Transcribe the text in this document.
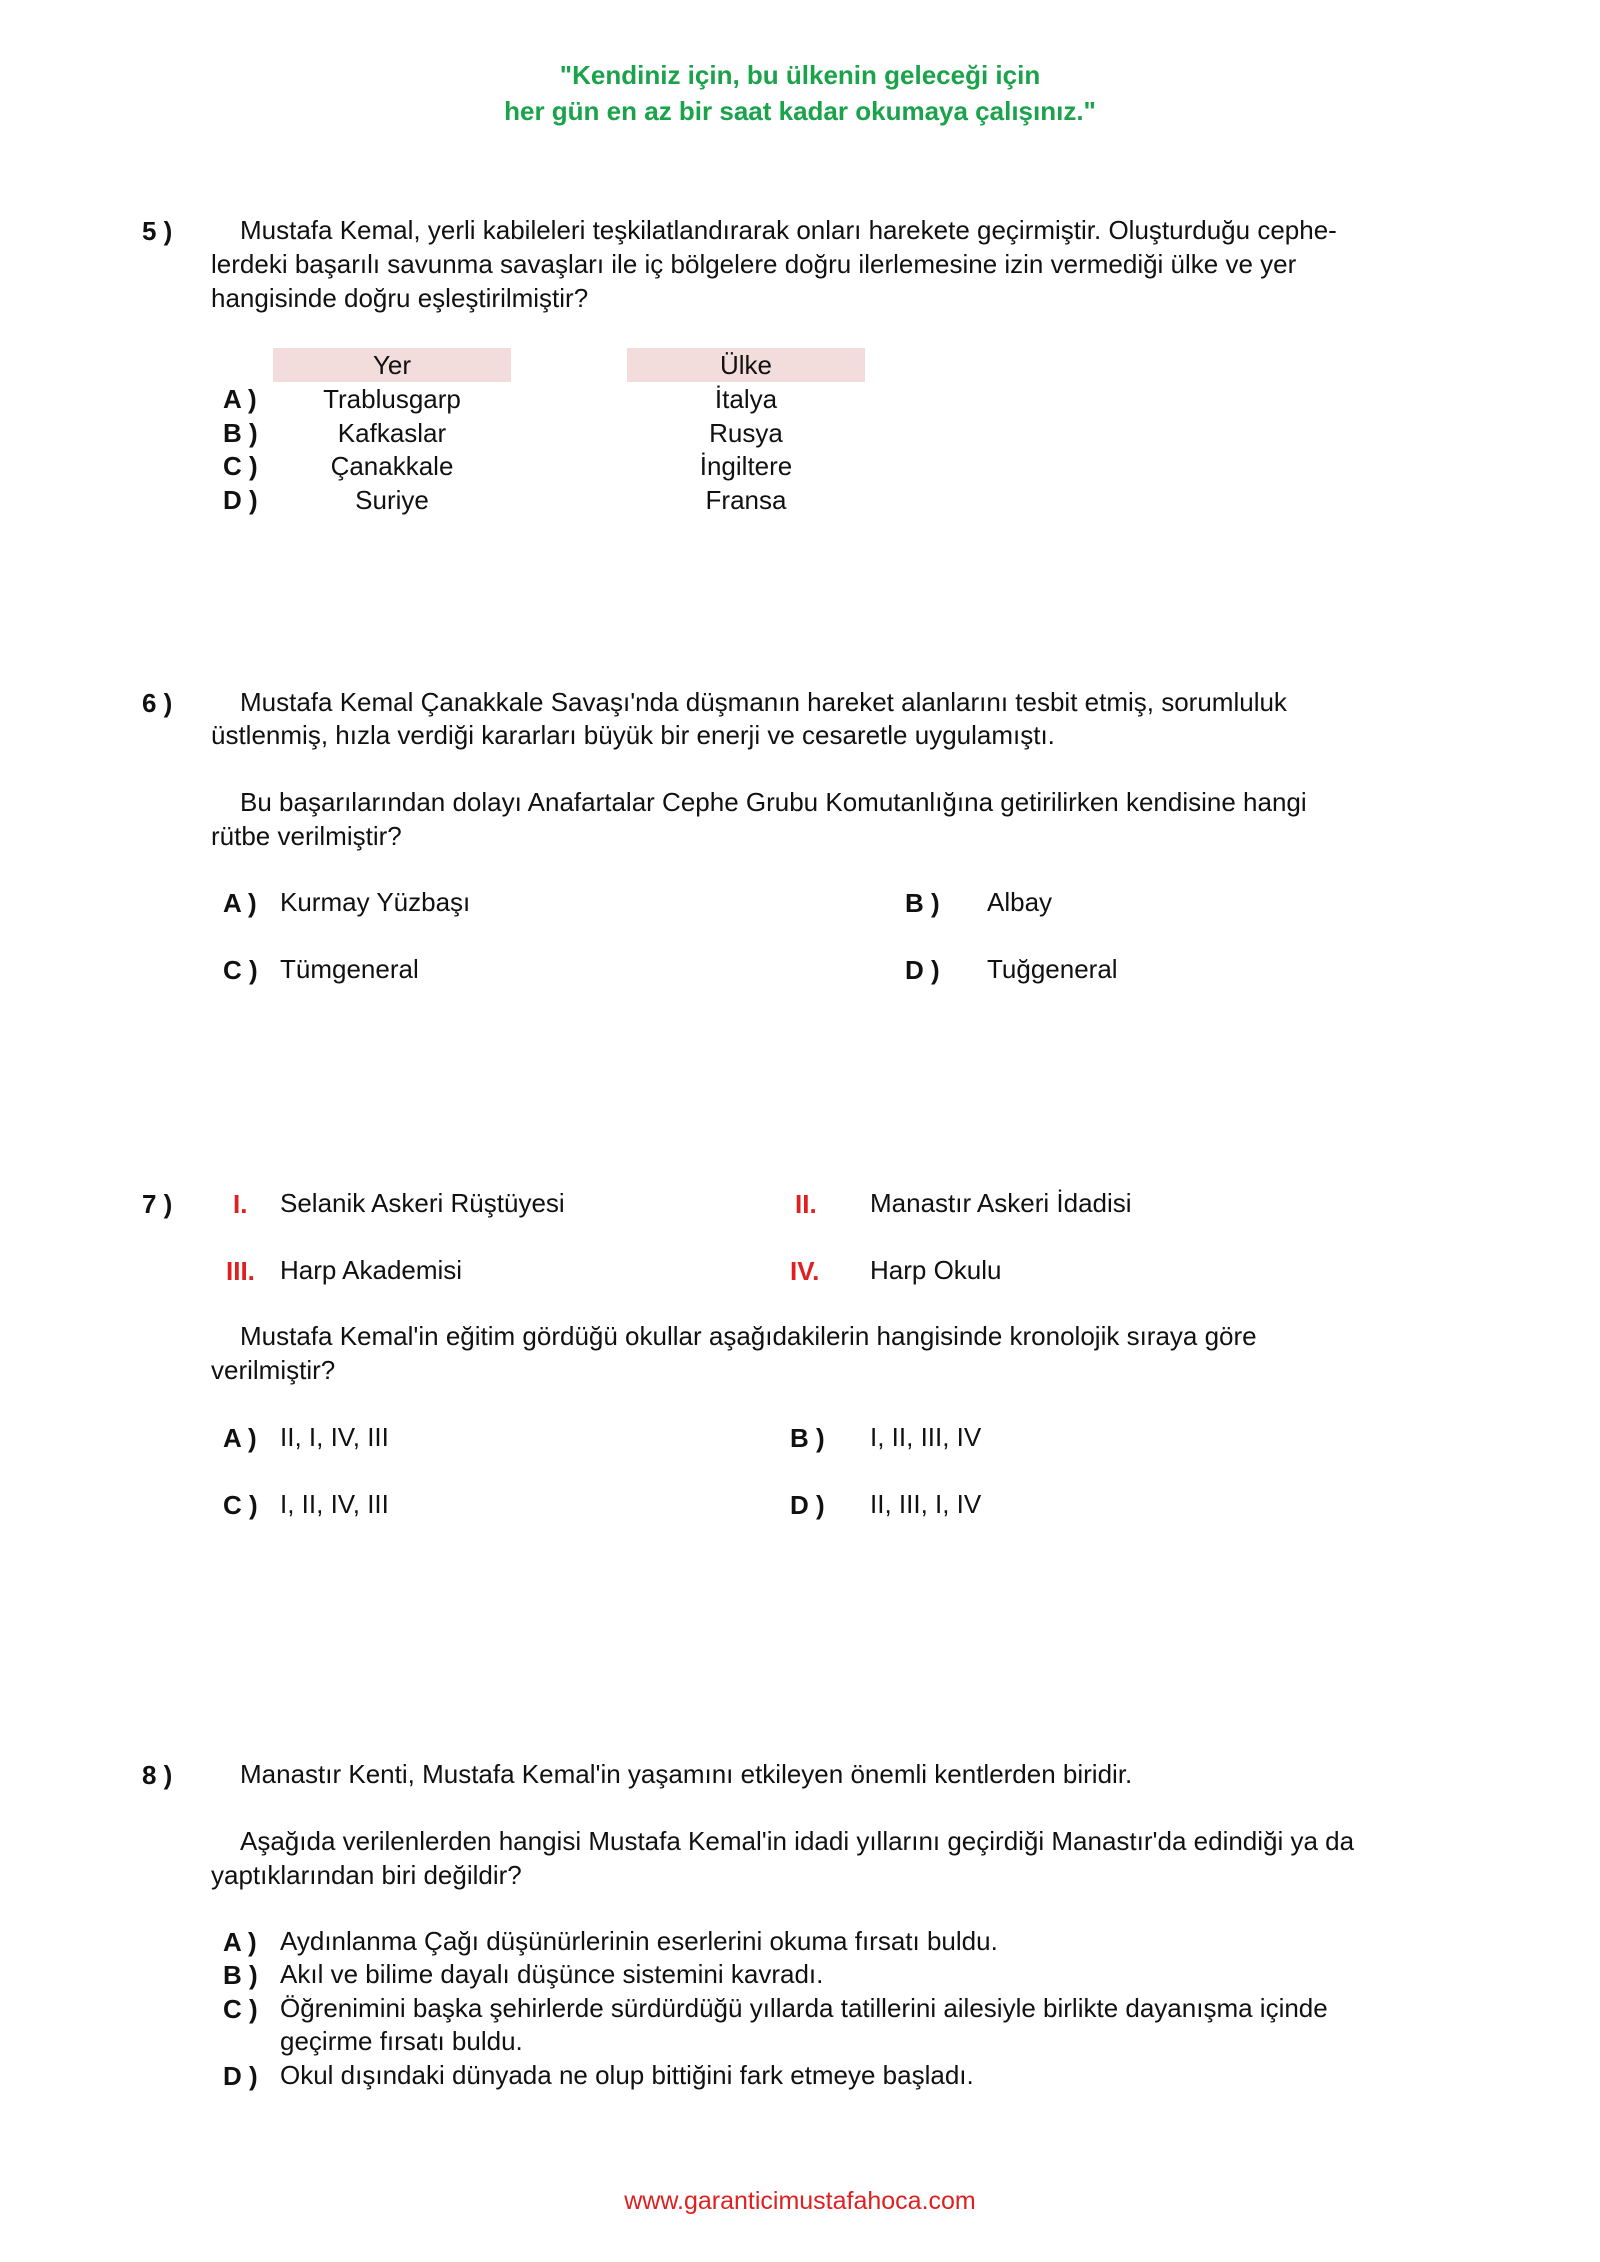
"Kendiniz için, bu ülkenin geleceği için
her gün en az bir saat kadar okumaya çalışınız."
5 )	Mustafa Kemal, yerli kabileleri teşkilatlandırarak onları harekete geçirmiştir. Oluşturduğu cephe-
lerdeki başarılı savunma savaşları ile iç bölgelere doğru ilerlemesine izin vermediği ülke ve yer
hangisinde doğru eşleştirilmiştir?
Yer	Ülke
A )	Trablusgarp	İtalya
B )	Kafkaslar	Rusya
C )	Çanakkale	İngiltere
D )	Suriye	Fransa
6 )	Mustafa Kemal Çanakkale Savaşı'nda düşmanın hareket alanlarını tesbit etmiş, sorumluluk
üstlenmiş, hızla verdiği kararları büyük bir enerji ve cesaretle uygulamıştı.
Bu başarılarından dolayı Anafartalar Cephe Grubu Komutanlığına getirilirken kendisine hangi
rütbe verilmiştir?
A ) Kurmay Yüzbaşı	B ) Albay
C ) Tümgeneral	D ) Tuğgeneral
7 ) I. Selanik Askeri Rüştüyesi	II. Manastır Askeri İdadisi
III. Harp Akademisi	IV. Harp Okulu
Mustafa Kemal'in eğitim gördüğü okullar aşağıdakilerin hangisinde kronolojik sıraya göre
verilmiştir?
A ) II, I, IV, III	B ) I, II, III, IV
C ) I, II, IV, III	D ) II, III, I, IV
8 )	Manastır Kenti, Mustafa Kemal'in yaşamını etkileyen önemli kentlerden biridir.
Aşağıda verilenlerden hangisi Mustafa Kemal'in idadi yıllarını geçirdiği Manastır'da edindiği ya da
yaptıklarından biri değildir?
A ) Aydınlanma Çağı düşünürlerinin eserlerini okuma fırsatı buldu.
B ) Akıl ve bilime dayalı düşünce sistemini kavradı.
C ) Öğrenimini başka şehirlerde sürdürdüğü yıllarda tatillerini ailesiyle birlikte dayanışma içinde
geçirme fırsatı buldu.
D ) Okul dışındaki dünyada ne olup bittiğini fark etmeye başladı.
www.garanticimustafahoca.com
